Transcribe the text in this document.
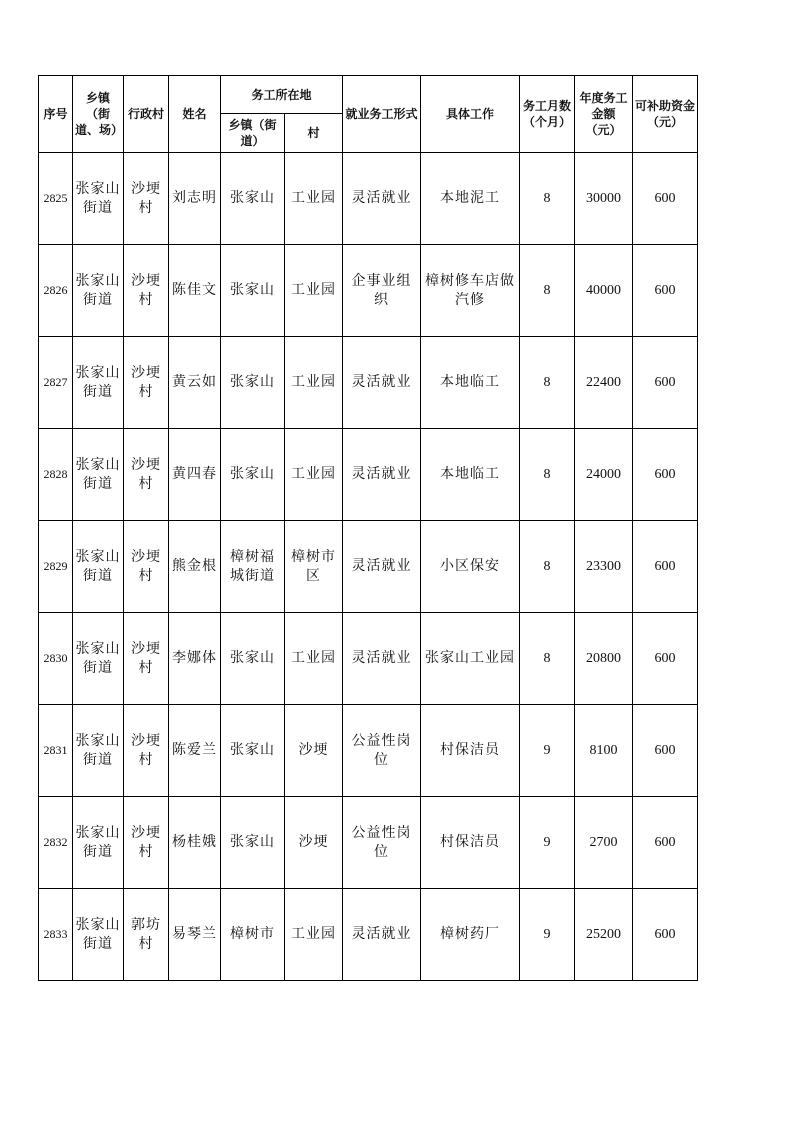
序号	乡镇（街道、场）	行政村	姓名	务工所在地		就业务工形式	具体工作	务工月数（个月）	年度务工金额（元）	可补助资金（元）
				乡镇（街道）	村					
2825	张家山街道	沙埂村	刘志明	张家山	工业园	灵活就业	本地泥工	8	30000	600
2826	张家山街道	沙埂村	陈佳文	张家山	工业园	企事业组织	樟树修车店做汽修	8	40000	600
2827	张家山街道	沙埂村	黄云如	张家山	工业园	灵活就业	本地临工	8	22400	600
2828	张家山街道	沙埂村	黄四春	张家山	工业园	灵活就业	本地临工	8	24000	600
2829	张家山街道	沙埂村	熊金根	樟树福城街道	樟树市区	灵活就业	小区保安	8	23300	600
2830	张家山街道	沙埂村	李娜体	张家山	工业园	灵活就业	张家山工业园	8	20800	600
2831	张家山街道	沙埂村	陈爱兰	张家山	沙埂	公益性岗位	村保洁员	9	8100	600
2832	张家山街道	沙埂村	杨桂娥	张家山	沙埂	公益性岗位	村保洁员	9	2700	600
2833	张家山街道	郭坊村	易琴兰	樟树市	工业园	灵活就业	樟树药厂	9	25200	600
